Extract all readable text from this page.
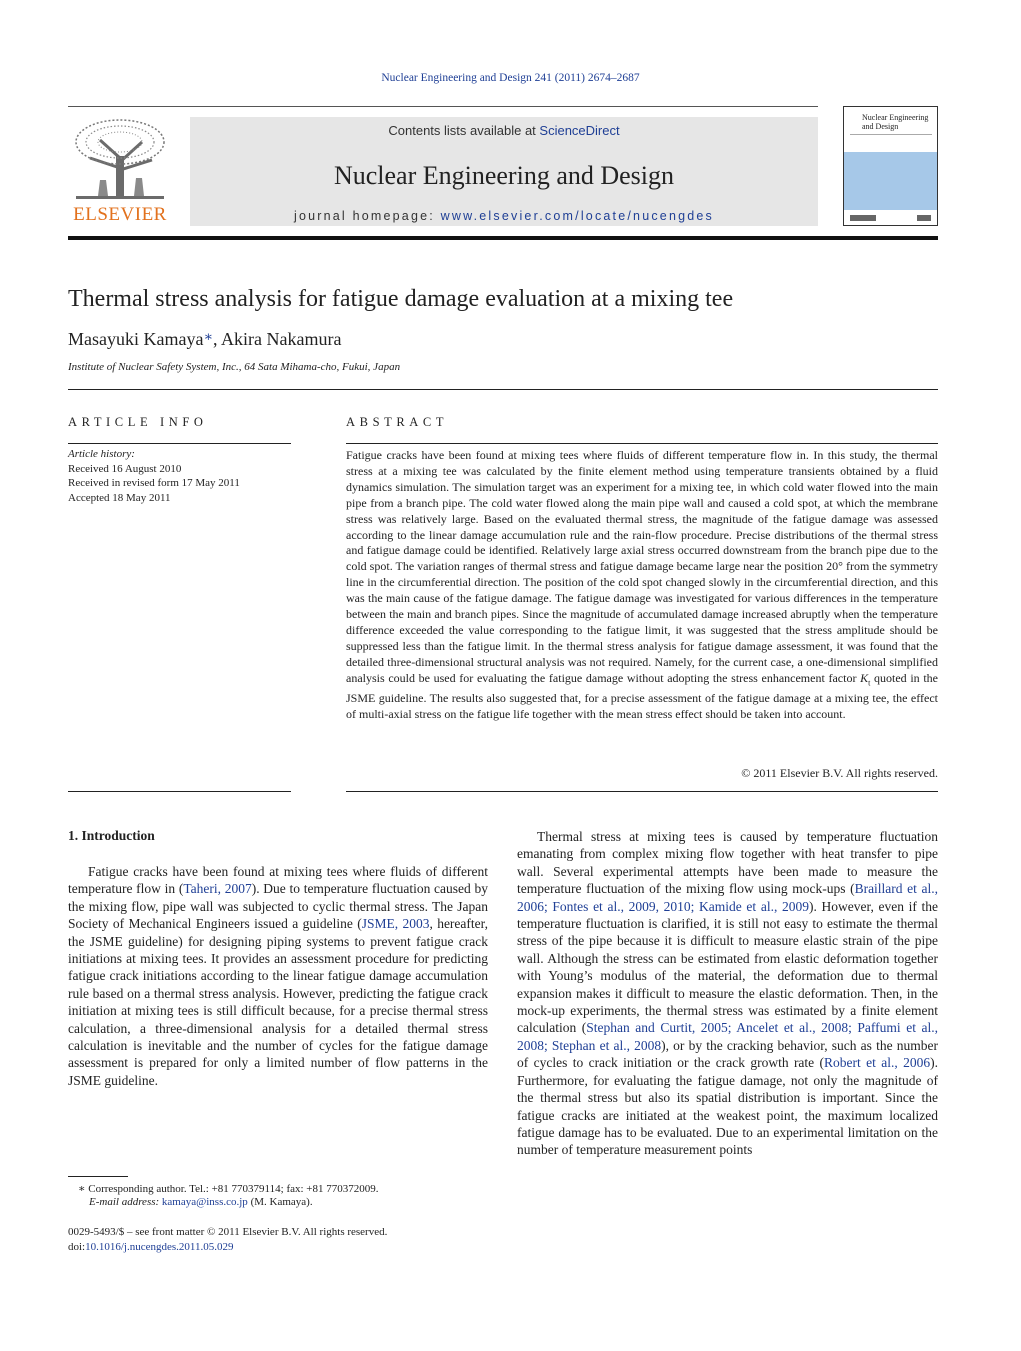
Nuclear Engineering and Design 241 (2011) 2674–2687
ELSEVIER
Contents lists available at ScienceDirect
Nuclear Engineering and Design
journal homepage: www.elsevier.com/locate/nucengdes
Nuclear Engineering and Design
Thermal stress analysis for fatigue damage evaluation at a mixing tee
Masayuki Kamaya∗, Akira Nakamura
Institute of Nuclear Safety System, Inc., 64 Sata Mihama-cho, Fukui, Japan
ARTICLE INFO	ABSTRACT
Article history:
Received 16 August 2010
Received in revised form 17 May 2011
Accepted 18 May 2011
Fatigue cracks have been found at mixing tees where fluids of different temperature flow in. In this study, the thermal stress at a mixing tee was calculated by the finite element method using temperature transients obtained by a fluid dynamics simulation. The simulation target was an experiment for a mixing tee, in which cold water flowed into the main pipe from a branch pipe. The cold water flowed along the main pipe wall and caused a cold spot, at which the membrane stress was relatively large. Based on the evaluated thermal stress, the magnitude of the fatigue damage was assessed according to the linear damage accumulation rule and the rain-flow procedure. Precise distributions of the thermal stress and fatigue damage could be identified. Relatively large axial stress occurred downstream from the branch pipe due to the cold spot. The variation ranges of thermal stress and fatigue damage became large near the position 20° from the symmetry line in the circumferential direction. The position of the cold spot changed slowly in the circumferential direction, and this was the main cause of the fatigue damage. The fatigue damage was investigated for various differences in the temperature between the main and branch pipes. Since the magnitude of accumulated damage increased abruptly when the temperature difference exceeded the value corresponding to the fatigue limit, it was suggested that the stress amplitude should be suppressed less than the fatigue limit. In the thermal stress analysis for fatigue damage assessment, it was found that the detailed three-dimensional structural analysis was not required. Namely, for the current case, a one-dimensional simplified analysis could be used for evaluating the fatigue damage without adopting the stress enhancement factor $K_t$ quoted in the JSME guideline. The results also suggested that, for a precise assessment of the fatigue damage at a mixing tee, the effect of multi-axial stress on the fatigue life together with the mean stress effect should be taken into account.
© 2011 Elsevier B.V. All rights reserved.
1. Introduction
Fatigue cracks have been found at mixing tees where fluids of different temperature flow in (Taheri, 2007). Due to temperature fluctuation caused by the mixing flow, pipe wall was subjected to cyclic thermal stress. The Japan Society of Mechanical Engineers issued a guideline (JSME, 2003, hereafter, the JSME guideline) for designing piping systems to prevent fatigue crack initiations at mixing tees. It provides an assessment procedure for predicting fatigue crack initiations according to the linear fatigue damage accumulation rule based on a thermal stress analysis. However, predicting the fatigue crack initiation at mixing tees is still difficult because, for a precise thermal stress calculation, a three-dimensional analysis for a detailed thermal stress calculation is inevitable and the number of cycles for the fatigue damage assessment is prepared for only a limited number of flow patterns in the JSME guideline.
Thermal stress at mixing tees is caused by temperature fluctuation emanating from complex mixing flow together with heat transfer to pipe wall. Several experimental attempts have been made to measure the temperature fluctuation of the mixing flow using mock-ups (Braillard et al., 2006; Fontes et al., 2009, 2010; Kamide et al., 2009). However, even if the temperature fluctuation is clarified, it is still not easy to estimate the thermal stress of the pipe because it is difficult to measure elastic strain of the pipe wall. Although the stress can be estimated from elastic deformation together with Young’s modulus of the material, the deformation due to thermal expansion makes it difficult to measure the elastic deformation. Then, in the mock-up experiments, the thermal stress was estimated by a finite element calculation (Stephan and Curtit, 2005; Ancelet et al., 2008; Paffumi et al., 2008; Stephan et al., 2008), or by the cracking behavior, such as the number of cycles to crack initiation or the crack growth rate (Robert et al., 2006). Furthermore, for evaluating the fatigue damage, not only the magnitude of the thermal stress but also its spatial distribution is important. Since the fatigue cracks are initiated at the weakest point, the maximum localized fatigue damage has to be evaluated. Due to an experimental limitation on the number of temperature measurement points
∗ Corresponding author. Tel.: +81 770379114; fax: +81 770372009.
E-mail address: kamaya@inss.co.jp (M. Kamaya).
0029-5493/$ – see front matter © 2011 Elsevier B.V. All rights reserved.
doi:10.1016/j.nucengdes.2011.05.029
